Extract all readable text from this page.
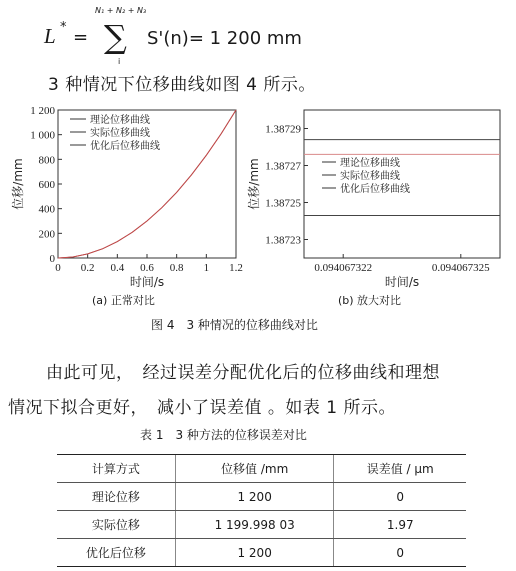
L * =
N₁ + N₂ + N₃
∑
i
S'(n)= 1 200 mm
3 种情况下位移曲线如图 4 所示。
1 200
1 000
800
600
400
200
0
0 0.2 0.4 0.6 0.8 1 1.2
时间/s
位移/mm
理论位移曲线
实际位移曲线
优化后位移曲线
(a) 正常对比
1.38729
1.38727
1.38725
1.38723
0.094067322	0.094067325
时间/s
位移/mm	理论位移曲线
实际位移曲线
优化后位移曲线
(b) 放大对比
图 4　3 种情况的位移曲线对比
由此可见，　经过误差分配优化后的位移曲线和理想
情况下拟合更好，　减小了误差值 。如表 1 所示。
表 1　3 种方法的位移误差对比
计算方式	位移值 /mm	误差值 / μm
理论位移	1 200	0
实际位移	1 199.998 03	1.97
优化后位移	1 200	0
